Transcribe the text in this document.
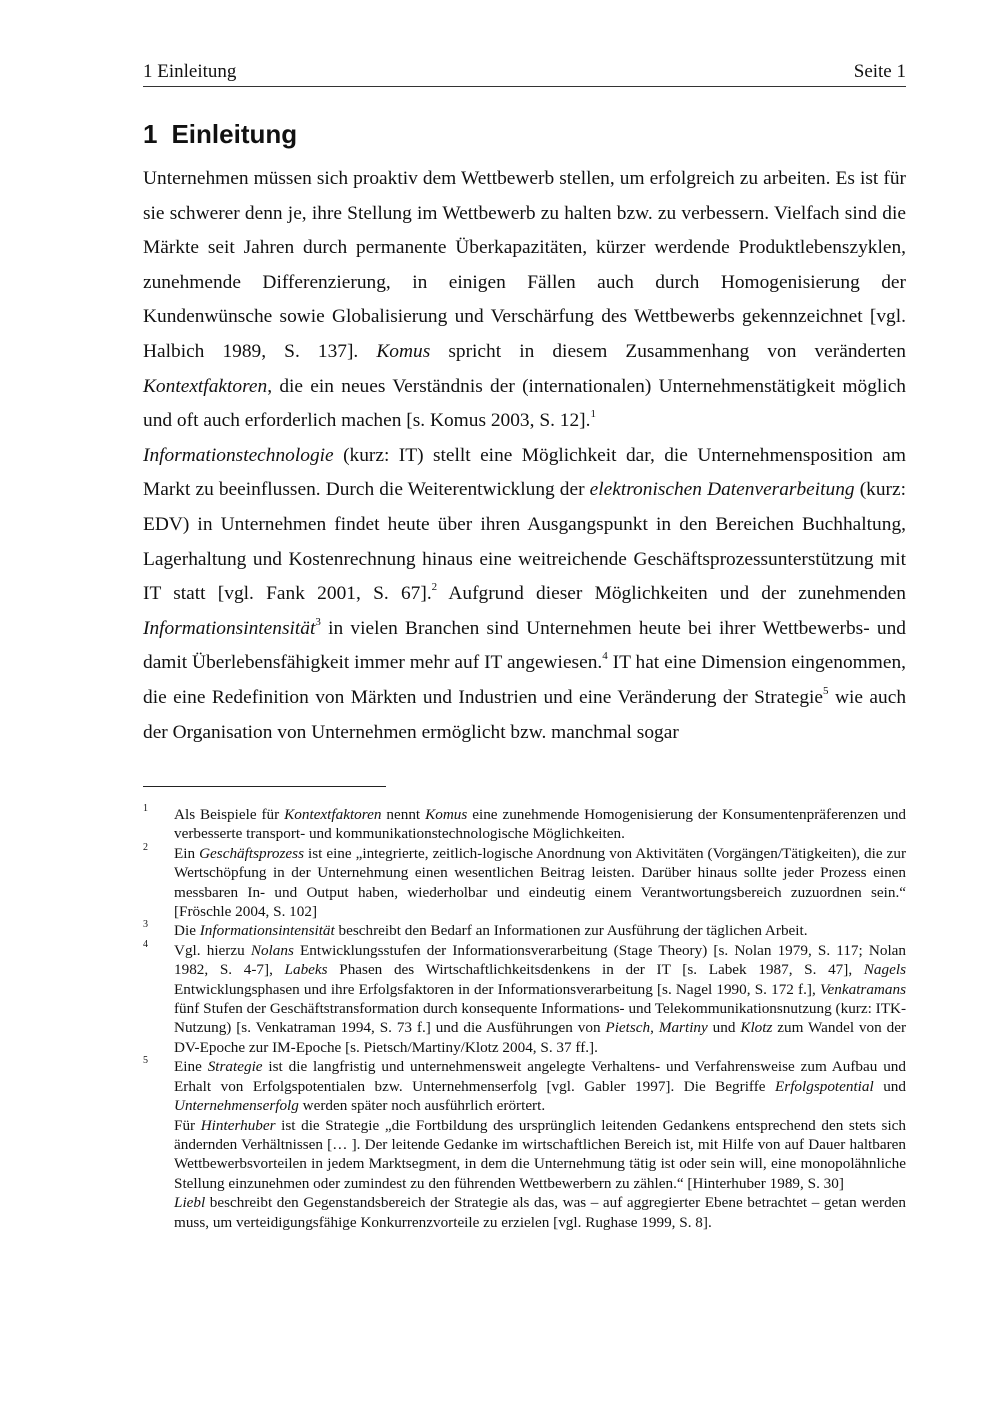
1 Einleitung	Seite 1
1 Einleitung

Unternehmen müssen sich proaktiv dem Wettbewerb stellen, um erfolgreich zu arbeiten. Es ist für sie schwerer denn je, ihre Stellung im Wettbewerb zu halten bzw. zu verbessern. Vielfach sind die Märkte seit Jahren durch permanente Überkapazitäten, kürzer werdende Produktlebenszyklen, zunehmende Differenzierung, in einigen Fällen auch durch Homogenisierung der Kundenwünsche sowie Globalisierung und Verschärfung des Wettbewerbs gekennzeichnet [vgl. Halbich 1989, S. 137]. Komus spricht in diesem Zusammenhang von veränderten Kontextfaktoren, die ein neues Verständnis der (internationalen) Unternehmenstätigkeit möglich und oft auch erforderlich machen [s. Komus 2003, S. 12].$^1$

Informationstechnologie (kurz: IT) stellt eine Möglichkeit dar, die Unternehmensposition am Markt zu beeinflussen. Durch die Weiterentwicklung der elektronischen Datenverarbeitung (kurz: EDV) in Unternehmen findet heute über ihren Ausgangspunkt in den Bereichen Buchhaltung, Lagerhaltung und Kostenrechnung hinaus eine weitreichende Geschäftsprozessunterstützung mit IT statt [vgl. Fank 2001, S. 67].$^2$ Aufgrund dieser Möglichkeiten und der zunehmenden Informationsintensität$^3$ in vielen Branchen sind Unternehmen heute bei ihrer Wettbewerbs- und damit Überlebensfähigkeit immer mehr auf IT angewiesen.$^4$ IT hat eine Dimension eingenommen, die eine Redefinition von Märkten und Industrien und eine Veränderung der Strategie$^5$ wie auch der Organisation von Unternehmen ermöglicht bzw. manchmal sogar

1 Als Beispiele für Kontextfaktoren nennt Komus eine zunehmende Homogenisierung der Konsumentenpräferenzen und verbesserte transport- und kommunikationstechnologische Möglichkeiten.

2 Ein Geschäftsprozess ist eine „integrierte, zeitlich-logische Anordnung von Aktivitäten (Vorgängen/Tätigkeiten), die zur Wertschöpfung in der Unternehmung einen wesentlichen Beitrag leisten. Darüber hinaus sollte jeder Prozess einen messbaren In- und Output haben, wiederholbar und eindeutig einem Verantwortungsbereich zuzuordnen sein.“ [Fröschle 2004, S. 102]

3 Die Informationsintensität beschreibt den Bedarf an Informationen zur Ausführung der täglichen Arbeit.

4 Vgl. hierzu Nolans Entwicklungsstufen der Informationsverarbeitung (Stage Theory) [s. Nolan 1979, S. 117; Nolan 1982, S. 4-7], Labeks Phasen des Wirtschaftlichkeitsdenkens in der IT [s. Labek 1987, S. 47], Nagels Entwicklungsphasen und ihre Erfolgsfaktoren in der Informationsverarbeitung [s. Nagel 1990, S. 172 f.], Venkatramans fünf Stufen der Geschäftstransformation durch konsequente Informations- und Telekommunikationsnutzung (kurz: ITK-Nutzung) [s. Venkatraman 1994, S. 73 f.] und die Ausführungen von Pietsch, Martiny und Klotz zum Wandel von der DV-Epoche zur IM-Epoche [s. Pietsch/Martiny/Klotz 2004, S. 37 ff.].

5 Eine Strategie ist die langfristig und unternehmensweit angelegte Verhaltens- und Verfahrensweise zum Aufbau und Erhalt von Erfolgspotentialen bzw. Unternehmenserfolg [vgl. Gabler 1997]. Die Begriffe Erfolgspotential und Unternehmenserfolg werden später noch ausführlich erörtert.

Für Hinterhuber ist die Strategie „die Fortbildung des ursprünglich leitenden Gedankens entsprechend den stets sich ändernden Verhältnissen [… ]. Der leitende Gedanke im wirtschaftlichen Bereich ist, mit Hilfe von auf Dauer haltbaren Wettbewerbsvorteilen in jedem Marktsegment, in dem die Unternehmung tätig ist oder sein will, eine monopolähnliche Stellung einzunehmen oder zumindest zu den führenden Wettbewerbern zu zählen.“ [Hinterhuber 1989, S. 30]

Liebl beschreibt den Gegenstandsbereich der Strategie als das, was – auf aggregierter Ebene betrachtet – getan werden muss, um verteidigungsfähige Konkurrenzvorteile zu erzielen [vgl. Rughase 1999, S. 8].
